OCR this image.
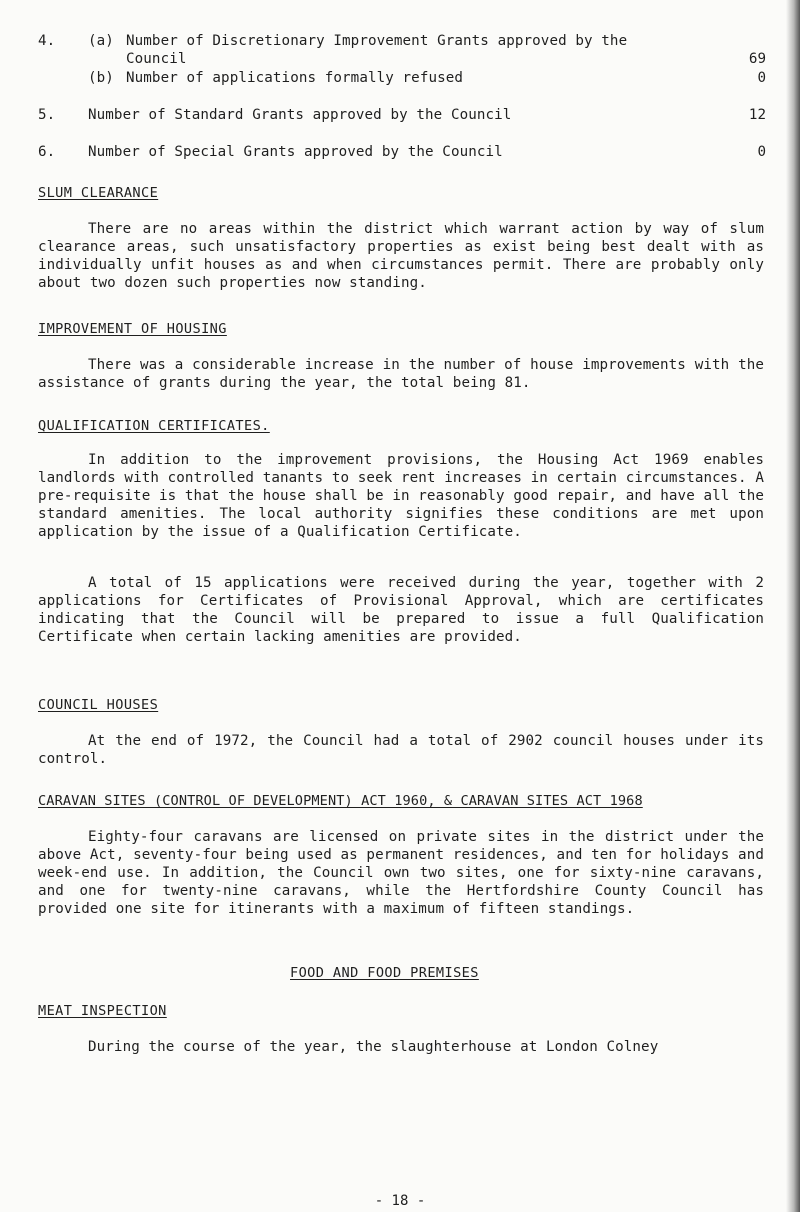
4. (a) Number of Discretionary Improvement Grants approved by the
Council	69
(b) Number of applications formally refused	0
5. Number of Standard Grants approved by the Council	12
6. Number of Special Grants approved by the Council	0
SLUM CLEARANCE
There are no areas within the district which warrant action by way of slum clearance areas, such unsatisfactory properties as exist being best dealt with as individually unfit houses as and when circumstances permit. There are probably only about two dozen such properties now standing.
IMPROVEMENT OF HOUSING
There was a considerable increase in the number of house improvements with the assistance of grants during the year, the total being 81.
QUALIFICATION CERTIFICATES.
In addition to the improvement provisions, the Housing Act 1969 enables landlords with controlled tanants to seek rent increases in certain circumstances. A pre-requisite is that the house shall be in reasonably good repair, and have all the standard amenities. The local authority signifies these conditions are met upon application by the issue of a Qualification Certificate.
A total of 15 applications were received during the year, together with 2 applications for Certificates of Provisional Approval, which are certificates indicating that the Council will be prepared to issue a full Qualification Certificate when certain lacking amenities are provided.
COUNCIL HOUSES
At the end of 1972, the Council had a total of 2902 council houses under its control.
CARAVAN SITES (CONTROL OF DEVELOPMENT) ACT 1960, & CARAVAN SITES ACT 1968
Eighty-four caravans are licensed on private sites in the district under the above Act, seventy-four being used as permanent residences, and ten for holidays and week-end use. In addition, the Council own two sites, one for sixty-nine caravans, and one for twenty-nine caravans, while the Hertfordshire County Council has provided one site for itinerants with a maximum of fifteen standings.
FOOD AND FOOD PREMISES
MEAT INSPECTION
During the course of the year, the slaughterhouse at London Colney
- 18 -
